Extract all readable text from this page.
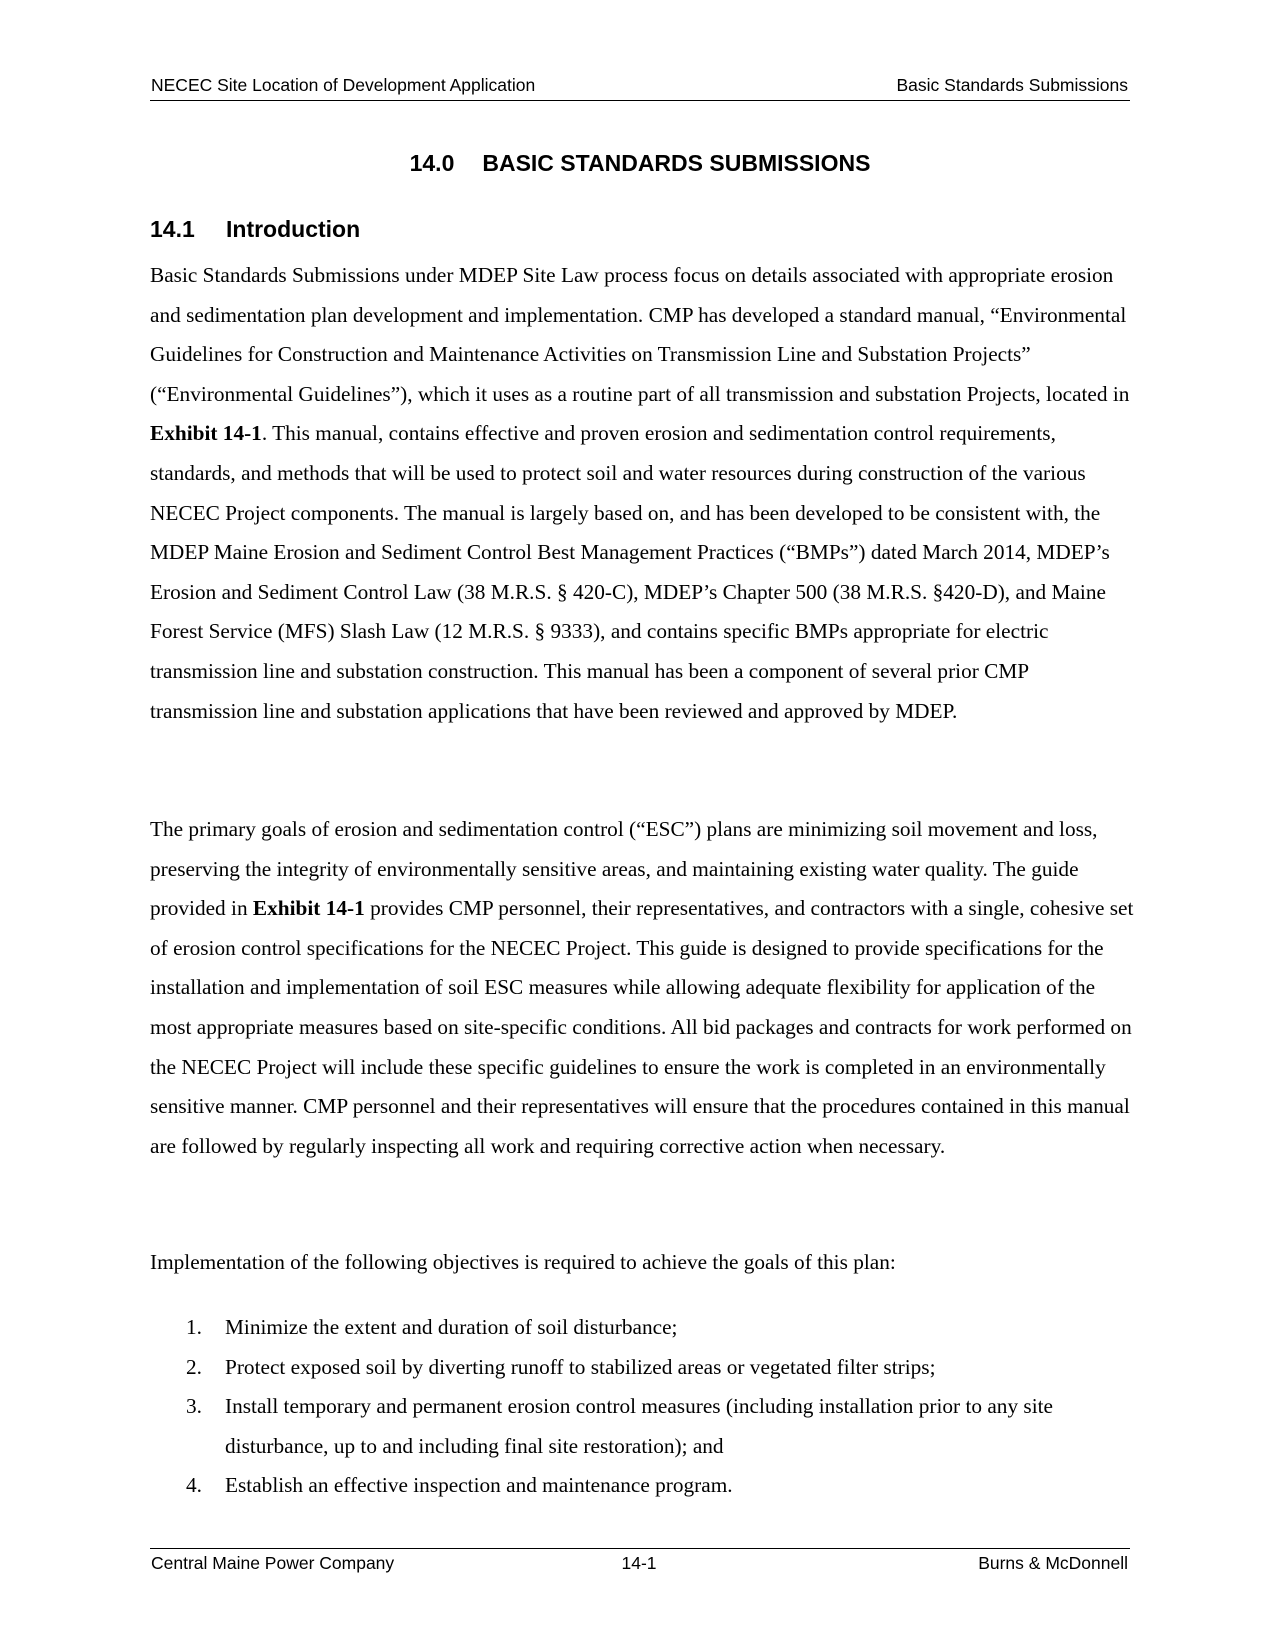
NECEC Site Location of Development Application	Basic Standards Submissions
14.0 BASIC STANDARDS SUBMISSIONS
14.1 Introduction
Basic Standards Submissions under MDEP Site Law process focus on details associated with appropriate erosion and sedimentation plan development and implementation. CMP has developed a standard manual, “Environmental Guidelines for Construction and Maintenance Activities on Transmission Line and Substation Projects” (“Environmental Guidelines”), which it uses as a routine part of all transmission and substation Projects, located in Exhibit 14-1. This manual, contains effective and proven erosion and sedimentation control requirements, standards, and methods that will be used to protect soil and water resources during construction of the various NECEC Project components. The manual is largely based on, and has been developed to be consistent with, the MDEP Maine Erosion and Sediment Control Best Management Practices (“BMPs”) dated March 2014, MDEP’s Erosion and Sediment Control Law (38 M.R.S. § 420-C), MDEP’s Chapter 500 (38 M.R.S. §420-D), and Maine Forest Service (MFS) Slash Law (12 M.R.S. § 9333), and contains specific BMPs appropriate for electric transmission line and substation construction. This manual has been a component of several prior CMP transmission line and substation applications that have been reviewed and approved by MDEP.
The primary goals of erosion and sedimentation control (“ESC”) plans are minimizing soil movement and loss, preserving the integrity of environmentally sensitive areas, and maintaining existing water quality. The guide provided in Exhibit 14-1 provides CMP personnel, their representatives, and contractors with a single, cohesive set of erosion control specifications for the NECEC Project. This guide is designed to provide specifications for the installation and implementation of soil ESC measures while allowing adequate flexibility for application of the most appropriate measures based on site-specific conditions. All bid packages and contracts for work performed on the NECEC Project will include these specific guidelines to ensure the work is completed in an environmentally sensitive manner. CMP personnel and their representatives will ensure that the procedures contained in this manual are followed by regularly inspecting all work and requiring corrective action when necessary.
Implementation of the following objectives is required to achieve the goals of this plan:
1. Minimize the extent and duration of soil disturbance;
2. Protect exposed soil by diverting runoff to stabilized areas or vegetated filter strips;
3. Install temporary and permanent erosion control measures (including installation prior to any site disturbance, up to and including final site restoration); and
4. Establish an effective inspection and maintenance program.
Central Maine Power Company	14-1	Burns & McDonnell
